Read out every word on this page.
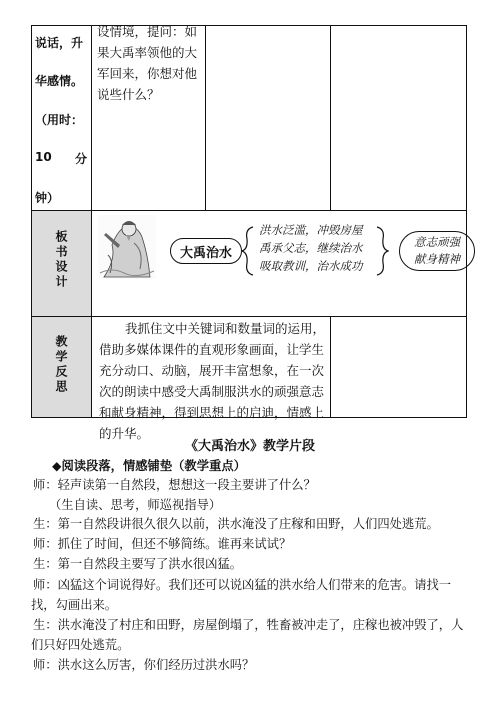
说话，升
华感情。
（用时：
10 分
钟）
设情境，提问：如果大禹率领他的大军回来，你想对他说些什么？
板书设计	大禹治水
洪水泛滥，冲毁房屋
禹承父志，继续治水
吸取教训，治水成功
意志顽强
献身精神
教学反思
我抓住文中关键词和数量词的运用，借助多媒体课件的直观形象画面，让学生充分动口、动脑，展开丰富想象，在一次次的朗读中感受大禹制服洪水的顽强意志和献身精神，得到思想上的启迪，情感上的升华。
《大禹治水》教学片段
◆阅读段落，情感铺垫（教学重点）
师：轻声读第一自然段，想想这一段主要讲了什么？
（生自读、思考，师巡视指导）
生：第一自然段讲很久很久以前，洪水淹没了庄稼和田野，人们四处逃荒。
师：抓住了时间，但还不够简练。谁再来试试？
生：第一自然段主要写了洪水很凶猛。
师：凶猛这个词说得好。我们还可以说凶猛的洪水给人们带来的危害。请找一找，勾画出来。
生：洪水淹没了村庄和田野，房屋倒塌了，牲畜被冲走了，庄稼也被冲毁了，人们只好四处逃荒。
师：洪水这么厉害，你们经历过洪水吗？
